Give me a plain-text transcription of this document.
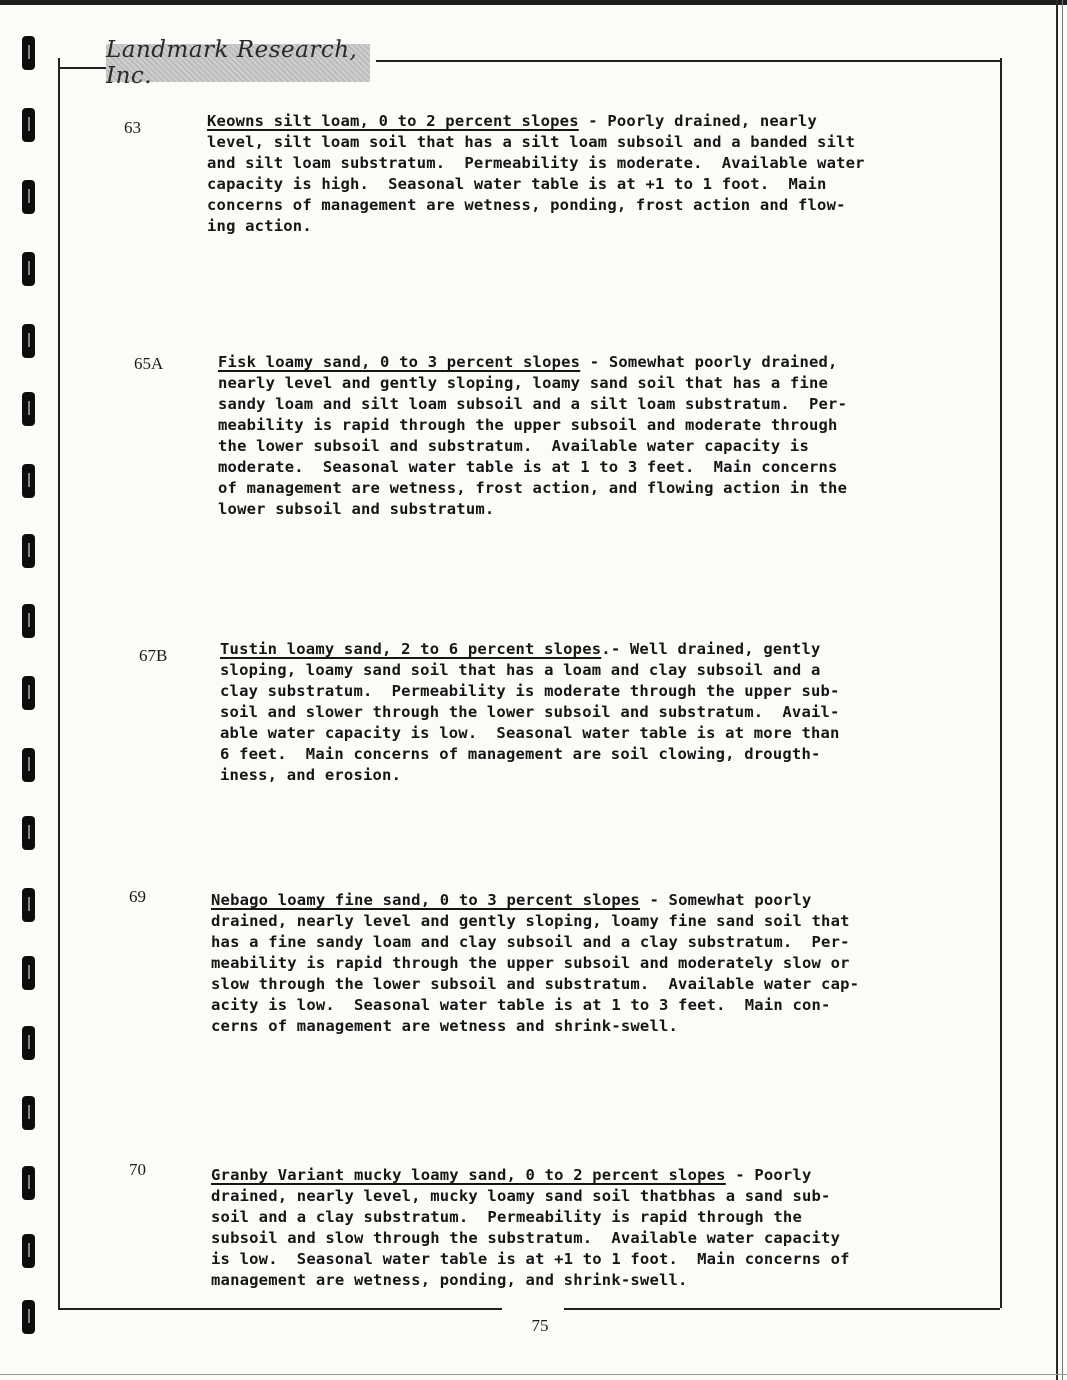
Landmark Research, Inc.
63	Keowns silt loam, 0 to 2 percent slopes - Poorly drained, nearly
level, silt loam soil that has a silt loam subsoil and a banded silt
and silt loam substratum.  Permeability is moderate.  Available water
capacity is high.  Seasonal water table is at +1 to 1 foot.  Main
concerns of management are wetness, ponding, frost action and flow-
ing action.
65A	Fisk loamy sand, 0 to 3 percent slopes - Somewhat poorly drained,
nearly level and gently sloping, loamy sand soil that has a fine
sandy loam and silt loam subsoil and a silt loam substratum.  Per-
meability is rapid through the upper subsoil and moderate through
the lower subsoil and substratum.  Available water capacity is
moderate.  Seasonal water table is at 1 to 3 feet.  Main concerns
of management are wetness, frost action, and flowing action in the
lower subsoil and substratum.
67B	Tustin loamy sand, 2 to 6 percent slopes.- Well drained, gently
sloping, loamy sand soil that has a loam and clay subsoil and a
clay substratum.  Permeability is moderate through the upper sub-
soil and slower through the lower subsoil and substratum.  Avail-
able water capacity is low.  Seasonal water table is at more than
6 feet.  Main concerns of management are soil clowing, drougth-
iness, and erosion.
69	Nebago loamy fine sand, 0 to 3 percent slopes - Somewhat poorly
drained, nearly level and gently sloping, loamy fine sand soil that
has a fine sandy loam and clay subsoil and a clay substratum.  Per-
meability is rapid through the upper subsoil and moderately slow or
slow through the lower subsoil and substratum.  Available water cap-
acity is low.  Seasonal water table is at 1 to 3 feet.  Main con-
cerns of management are wetness and shrink-swell.
70	Granby Variant mucky loamy sand, 0 to 2 percent slopes - Poorly
drained, nearly level, mucky loamy sand soil thatbhas a sand sub-
soil and a clay substratum.  Permeability is rapid through the
subsoil and slow through the substratum.  Available water capacity
is low.  Seasonal water table is at +1 to 1 foot.  Main concerns of
management are wetness, ponding, and shrink-swell.
75
